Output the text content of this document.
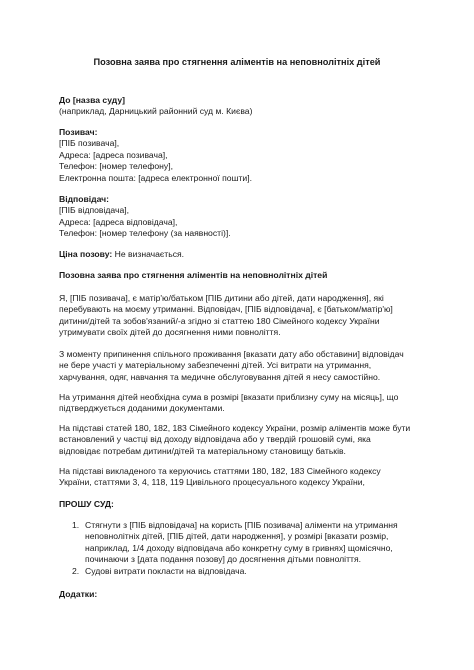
Позовна заява про стягнення аліментів на неповнолітніх дітей
До [назва суду]
(наприклад, Дарницький районний суд м. Києва)
Позивач:
[ПІБ позивача],
Адреса: [адреса позивача],
Телефон: [номер телефону],
Електронна пошта: [адреса електронної пошти].
Відповідач:
[ПІБ відповідача],
Адреса: [адреса відповідача],
Телефон: [номер телефону (за наявності)].
Ціна позову: Не визначається.
Позовна заява про стягнення аліментів на неповнолітніх дітей
Я, [ПІБ позивача], є матір'ю/батьком [ПІБ дитини або дітей, дати народження], які
перебувають на моєму утриманні. Відповідач, [ПІБ відповідача], є [батьком/матір'ю]
дитини/дітей та зобов'язаний/-а згідно зі статтею 180 Сімейного кодексу України
утримувати своїх дітей до досягнення ними повноліття.
З моменту припинення спільного проживання [вказати дату або обставини] відповідач
не бере участі у матеріальному забезпеченні дітей. Усі витрати на утримання,
харчування, одяг, навчання та медичне обслуговування дітей я несу самостійно.
На утримання дітей необхідна сума в розмірі [вказати приблизну суму на місяць], що
підтверджується доданими документами.
На підставі статей 180, 182, 183 Сімейного кодексу України, розмір аліментів може бути
встановлений у частці від доходу відповідача або у твердій грошовій сумі, яка
відповідає потребам дитини/дітей та матеріальному становищу батьків.
На підставі викладеного та керуючись статтями 180, 182, 183 Сімейного кодексу
України, статтями 3, 4, 118, 119 Цивільного процесуального кодексу України,
ПРОШУ СУД:
1. Стягнути з [ПІБ відповідача] на користь [ПІБ позивача] аліменти на утримання
неповнолітніх дітей, [ПІБ дітей, дати народження], у розмірі [вказати розмір,
наприклад, 1/4 доходу відповідача або конкретну суму в гривнях] щомісячно,
починаючи з [дата подання позову] до досягнення дітьми повноліття.
2. Судові витрати покласти на відповідача.
Додатки:
